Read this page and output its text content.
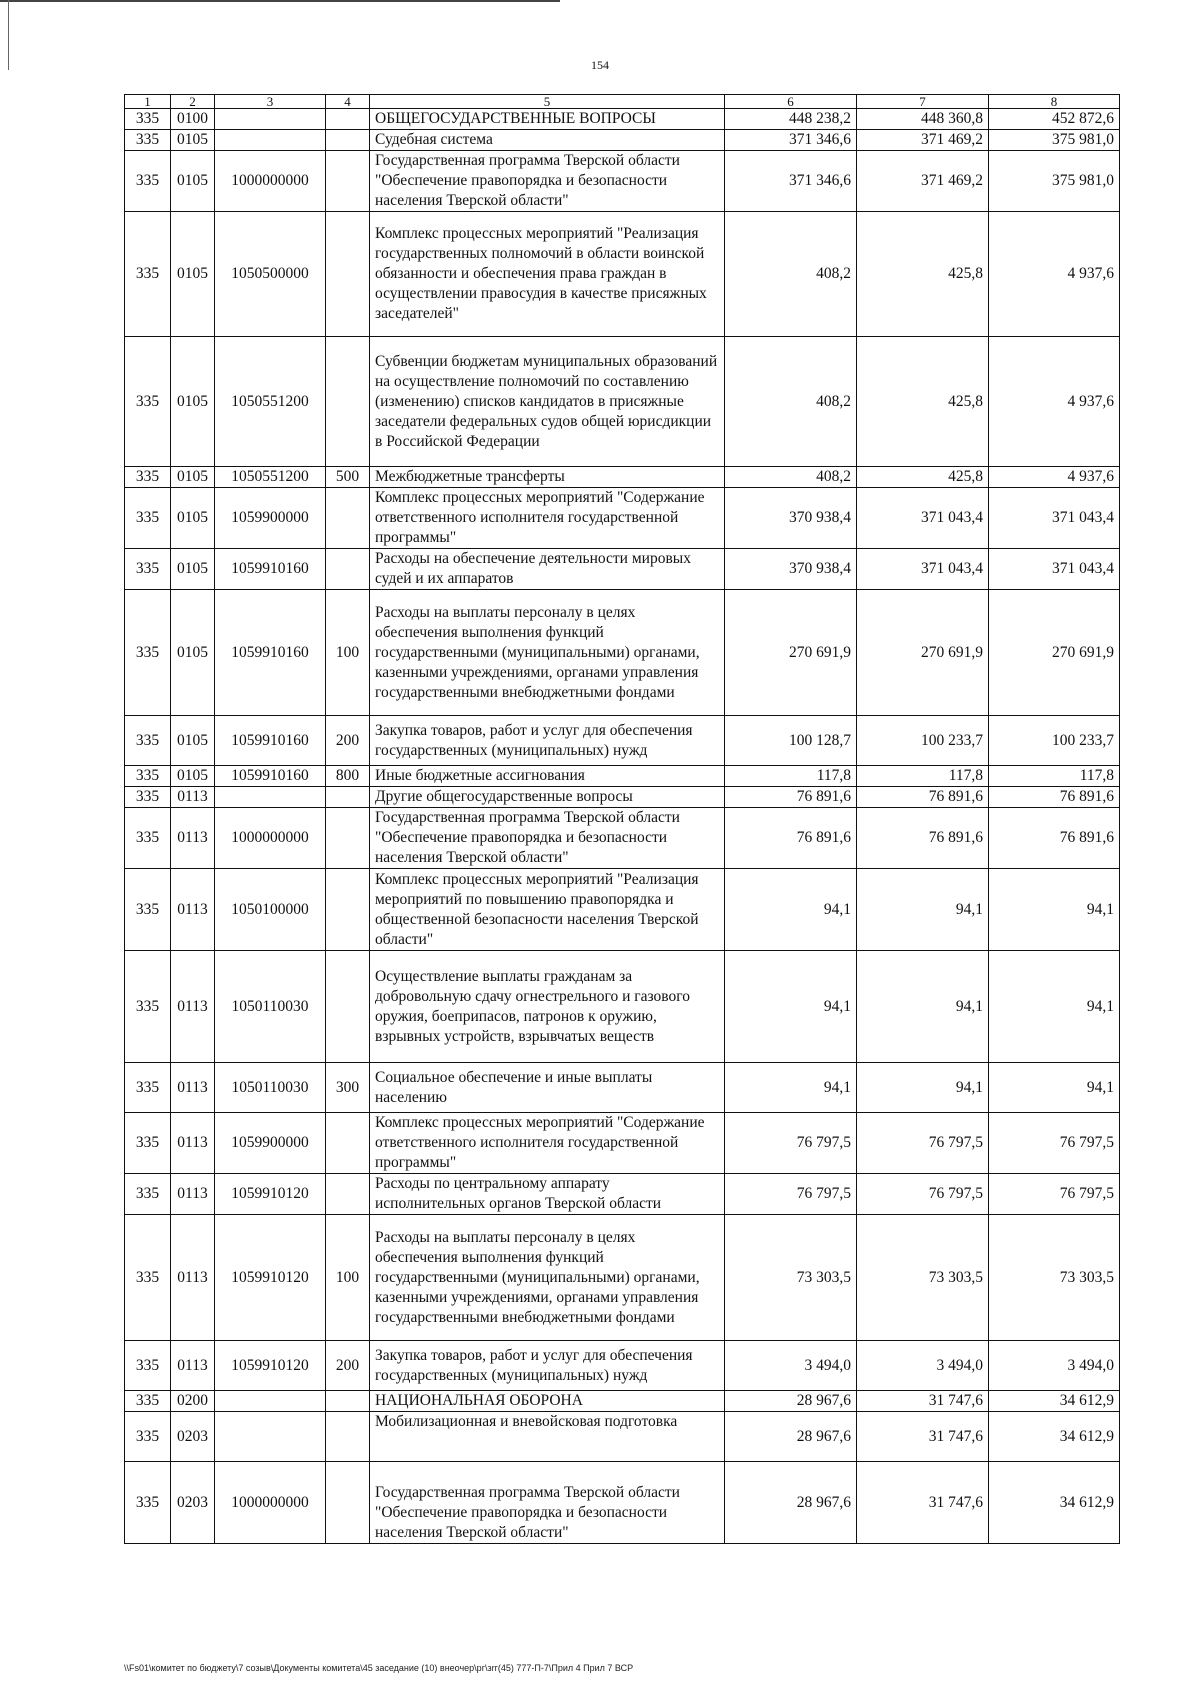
154
1	2	3	4	5	6	7	8
335	0100			ОБЩЕГОСУДАРСТВЕННЫЕ ВОПРОСЫ	448 238,2	448 360,8	452 872,6
335	0105			Судебная система	371 346,6	371 469,2	375 981,0
335	0105	1000000000		Государственная программа Тверской области "Обеспечение правопорядка и безопасности населения Тверской области"	371 346,6	371 469,2	375 981,0
335	0105	1050500000		Комплекс процессных мероприятий "Реализация государственных полномочий в области воинской обязанности и обеспечения права граждан в осуществлении правосудия в качестве присяжных заседателей"	408,2	425,8	4 937,6
335	0105	1050551200		Субвенции бюджетам муниципальных образований на осуществление полномочий по составлению (изменению) списков кандидатов в присяжные заседатели федеральных судов общей юрисдикции в Российской Федерации	408,2	425,8	4 937,6
335	0105	1050551200	500	Межбюджетные трансферты	408,2	425,8	4 937,6
335	0105	1059900000		Комплекс процессных мероприятий "Содержание ответственного исполнителя государственной программы"	370 938,4	371 043,4	371 043,4
335	0105	1059910160		Расходы на обеспечение деятельности мировых судей и их аппаратов	370 938,4	371 043,4	371 043,4
335	0105	1059910160	100	Расходы на выплаты персоналу в целях обеспечения выполнения функций государственными (муниципальными) органами, казенными учреждениями, органами управления государственными внебюджетными фондами	270 691,9	270 691,9	270 691,9
335	0105	1059910160	200	Закупка товаров, работ и услуг для обеспечения государственных (муниципальных) нужд	100 128,7	100 233,7	100 233,7
335	0105	1059910160	800	Иные бюджетные ассигнования	117,8	117,8	117,8
335	0113			Другие общегосударственные вопросы	76 891,6	76 891,6	76 891,6
335	0113	1000000000		Государственная программа Тверской области "Обеспечение правопорядка и безопасности населения Тверской области"	76 891,6	76 891,6	76 891,6
335	0113	1050100000		Комплекс процессных мероприятий "Реализация мероприятий по повышению правопорядка и общественной безопасности населения Тверской области"	94,1	94,1	94,1
335	0113	1050110030		Осуществление выплаты гражданам за добровольную сдачу огнестрельного и газового оружия, боеприпасов, патронов к оружию, взрывных устройств, взрывчатых веществ	94,1	94,1	94,1
335	0113	1050110030	300	Социальное обеспечение и иные выплаты населению	94,1	94,1	94,1
335	0113	1059900000		Комплекс процессных мероприятий "Содержание ответственного исполнителя государственной программы"	76 797,5	76 797,5	76 797,5
335	0113	1059910120		Расходы по центральному аппарату исполнительных органов Тверской области	76 797,5	76 797,5	76 797,5
335	0113	1059910120	100	Расходы на выплаты персоналу в целях обеспечения выполнения функций государственными (муниципальными) органами, казенными учреждениями, органами управления государственными внебюджетными фондами	73 303,5	73 303,5	73 303,5
335	0113	1059910120	200	Закупка товаров, работ и услуг для обеспечения государственных (муниципальных) нужд	3 494,0	3 494,0	3 494,0
335	0200			НАЦИОНАЛЬНАЯ ОБОРОНА	28 967,6	31 747,6	34 612,9
335	0203			Мобилизационная и вневойсковая подготовка	28 967,6	31 747,6	34 612,9
335	0203	1000000000		Государственная программа Тверской области "Обеспечение правопорядка и безопасности населения Тверской области"	28 967,6	31 747,6	34 612,9
\\Fs01\комитет по бюджету\7 созыв\Документы комитета\45 заседание (10) внеочер\рг\зrг(45) 777-П-7\Прил 4 Прил 7 ВСР
